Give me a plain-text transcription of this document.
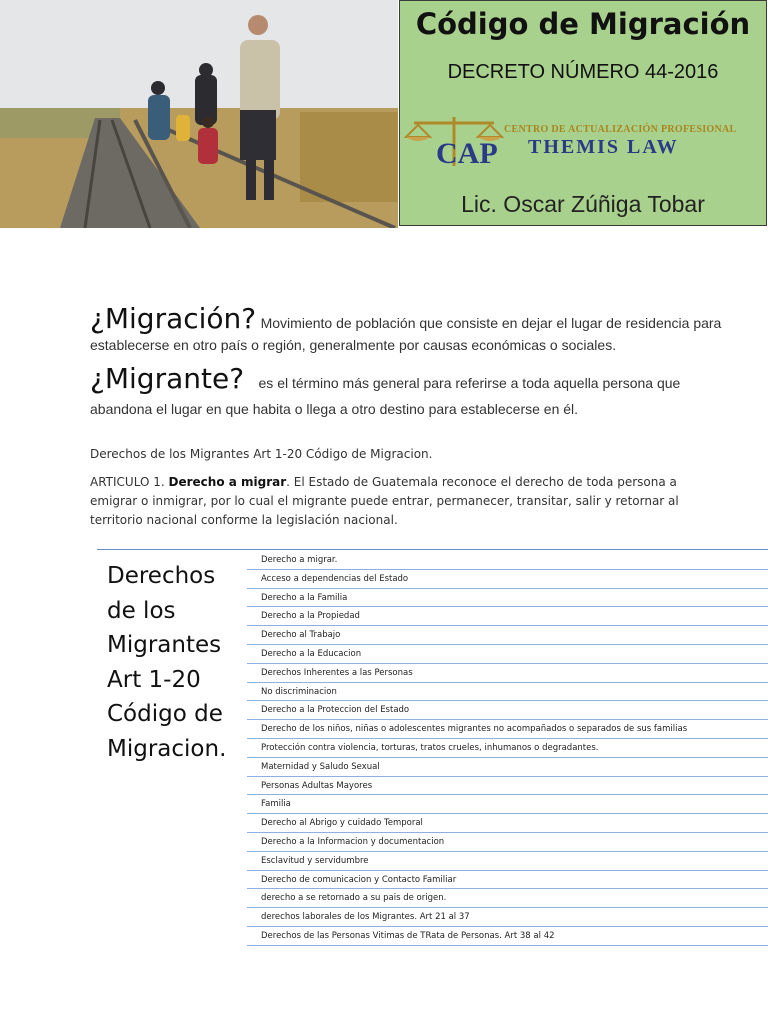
Código de Migración
DECRETO NÚMERO 44-2016
CAP
CENTRO DE ACTUALIZACIÓN PROFESIONAL
THEMIS LAW
Lic. Oscar Zúñiga Tobar
¿Migración? Movimiento de población que consiste en dejar el lugar de residencia para
establecerse en otro país o región, generalmente por causas económicas o sociales.
¿Migrante? es el término más general para referirse a toda aquella persona que
abandona el lugar en que habita o llega a otro destino para establecerse en él.
Derechos de los Migrantes Art 1-20 Código de Migracion.
ARTICULO 1. Derecho a migrar. El Estado de Guatemala reconoce el derecho de toda persona a emigrar o inmigrar, por lo cual el migrante puede entrar, permanecer, transitar, salir y retornar al territorio nacional conforme la legislación nacional.
Derechos de los Migrantes Art 1-20 Código de Migracion.
Derecho a migrar.
Acceso a dependencias del Estado
Derecho a la Familia
Derecho a la Propiedad
Derecho al Trabajo
Derecho a la Educacion
Derechos Inherentes a las Personas
No discriminacion
Derecho a la Proteccion del Estado
Derecho de los niños, niñas o adolescentes migrantes no acompañados o separados de sus familias
Protección contra violencia, torturas, tratos crueles, inhumanos o degradantes.
Maternidad y Saludo Sexual
Personas Adultas Mayores
Familia
Derecho al Abrigo y cuidado Temporal
Derecho a la Informacion y documentacion
Esclavitud y servidumbre
Derecho de comunicacion y Contacto Familiar
derecho a se retornado a su pais de origen.
derechos laborales de los Migrantes. Art 21 al 37
Derechos de las Personas Vitimas de TRata de Personas. Art 38 al 42
